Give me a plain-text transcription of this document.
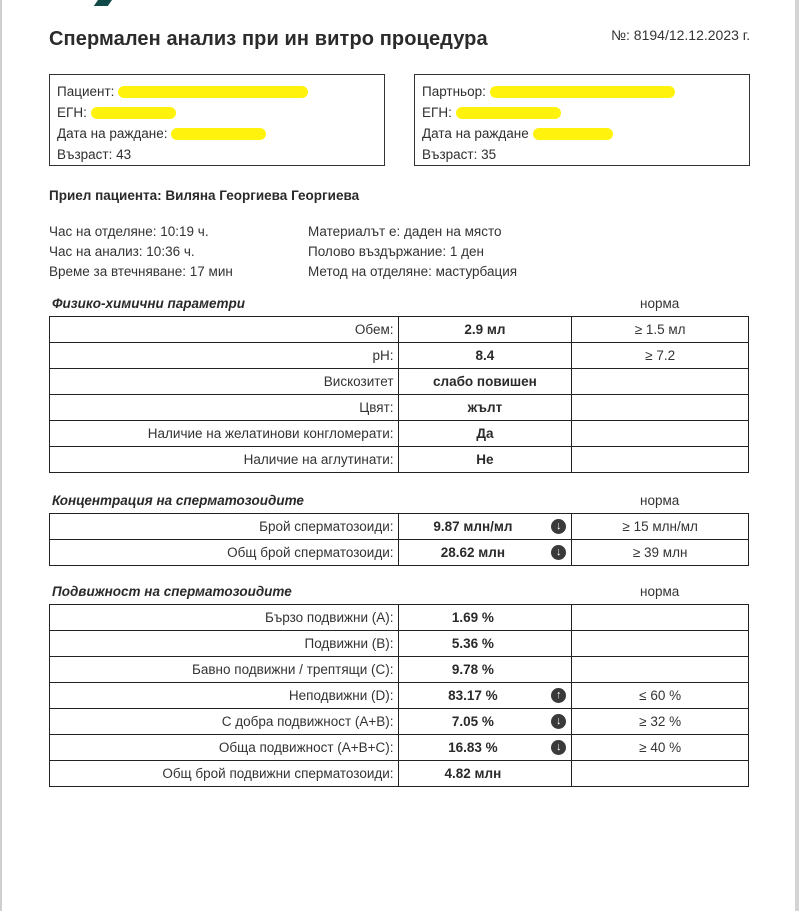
Спермален анализ при ин витро процедура	№: 8194/12.12.2023 г.
Пациент:
ЕГН:
Дата на раждане:
Възраст: 43
Партньор:
ЕГН:
Дата на раждане
Възраст: 35
Приел пациента: Виляна Георгиева Георгиева
Час на отделяне: 10:19 ч.
Час на анализ: 10:36 ч.
Време за втечняване: 17 мин
Материалът е: даден на място
Полово въздържание: 1 ден
Метод на отделяне: мастурбация
Физико-химични параметри	норма
Обем:	2.9 мл	≥ 1.5 мл
pH:	8.4	≥ 7.2
Вискозитет	слабо повишен	
Цвят:	жълт	
Наличие на желатинови конгломерати:	Да	
Наличие на аглутинати:	Не	
Концентрация на сперматозоидите	норма
Брой сперматозоиди:	9.87 млн/мл ↓	≥ 15 млн/мл
Общ брой сперматозоиди:	28.62 млн ↓	≥ 39 млн
Подвижност на сперматозоидите	норма
Бързо подвижни (A):	1.69 %	
Подвижни (B):	5.36 %	
Бавно подвижни / трептящи (C):	9.78 %	
Неподвижни (D):	83.17 % ↑	≤ 60 %
С добра подвижност (A+B):	7.05 % ↓	≥ 32 %
Обща подвижност (A+B+C):	16.83 % ↓	≥ 40 %
Общ брой подвижни сперматозоиди:	4.82 млн	
